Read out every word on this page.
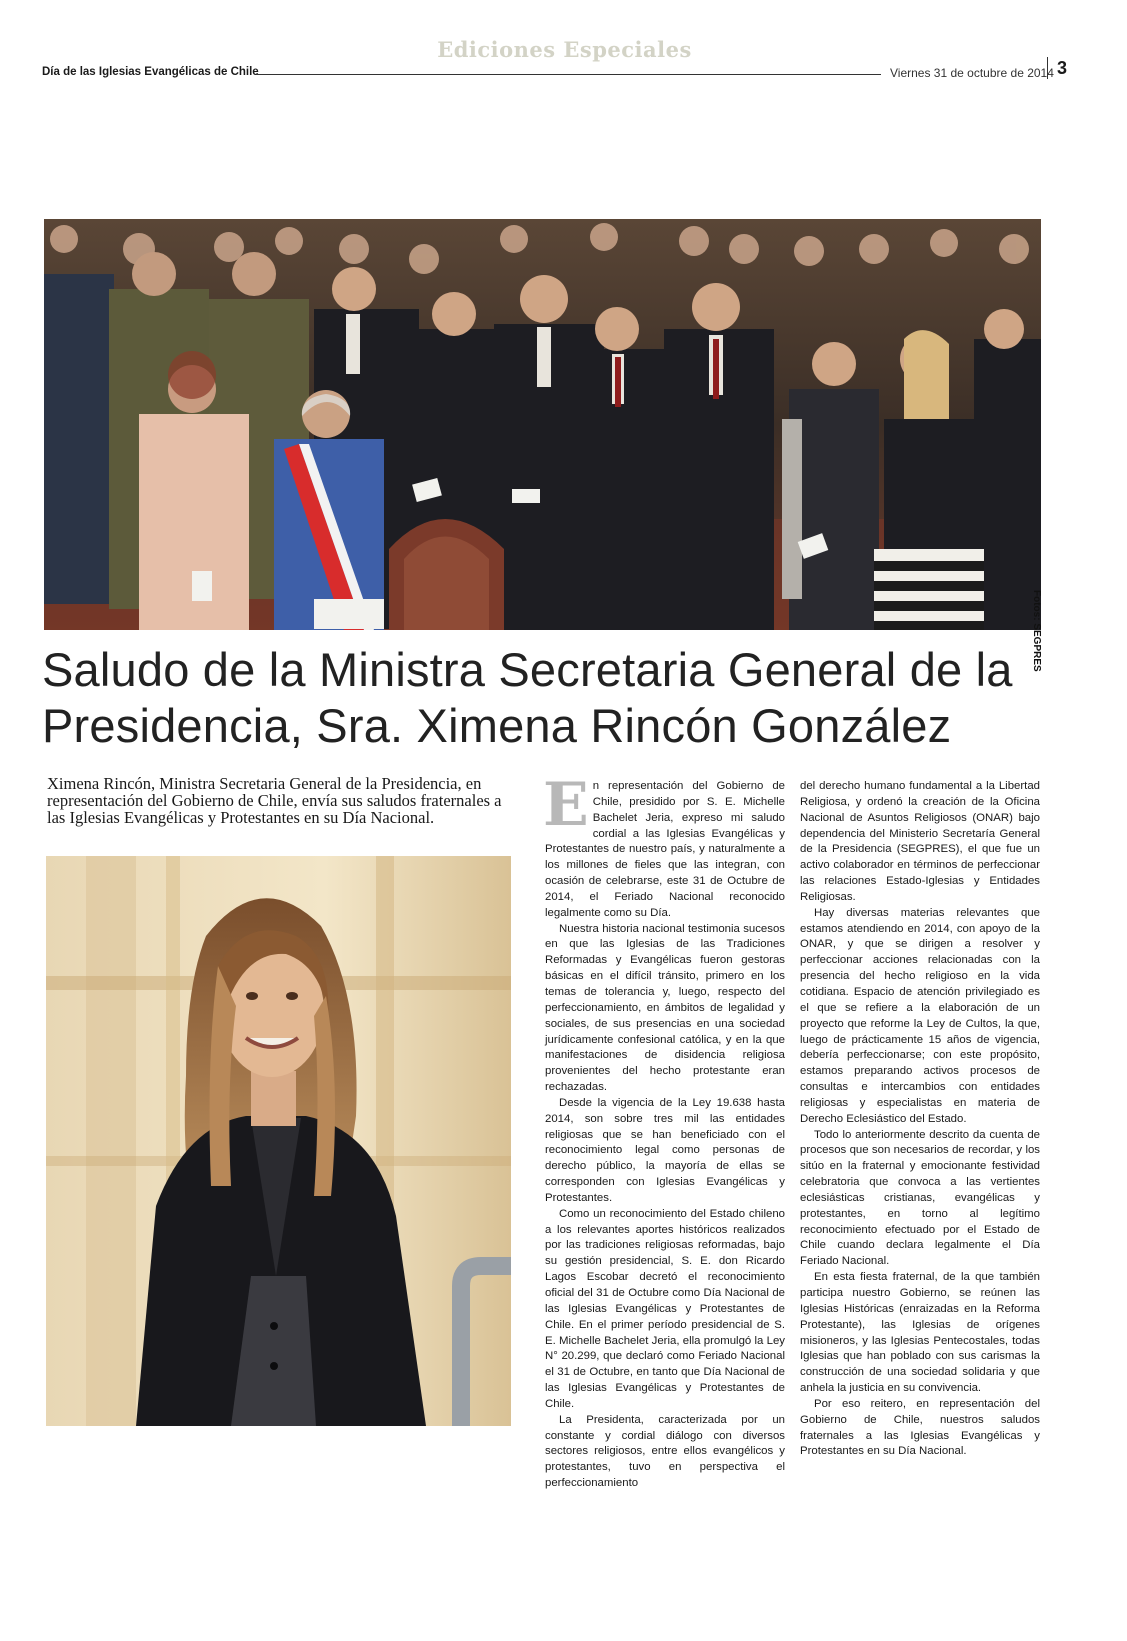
Ediciones Especiales
Día de las Iglesias Evangélicas de Chile	Viernes 31 de octubre de 2014 3
Asistentes de pie durante ceremonia oficial
Fotos: SEGPRES
Saludo de la Ministra Secretaria General de la Presidencia, Sra. Ximena Rincón González

Ximena Rincón, Ministra Secretaria General de la Presidencia, en representación del Gobierno de Chile, envía sus saludos fraternales a las Iglesias Evangélicas y Protestantes en su Día Nacional.

Retrato de Ximena Rincón

En representación del Gobierno de Chile, presidido por S. E. Michelle Bachelet Jeria, expreso mi saludo cordial a las Iglesias Evangélicas y Protestantes de nuestro país, y naturalmente a los millones de fieles que las integran, con ocasión de celebrarse, este 31 de Octubre de 2014, el Feriado Nacional reconocido legalmente como su Día.

Nuestra historia nacional testimonia sucesos en que las Iglesias de las Tradiciones Reformadas y Evangélicas fueron gestoras básicas en el difícil tránsito, primero en los temas de tolerancia y, luego, respecto del perfeccionamiento, en ámbitos de legalidad y sociales, de sus presencias en una sociedad jurídicamente confesional católica, y en la que manifestaciones de disidencia religiosa provenientes del hecho protestante eran rechazadas.

Desde la vigencia de la Ley 19.638 hasta 2014, son sobre tres mil las entidades religiosas que se han beneficiado con el reconocimiento legal como personas de derecho público, la mayoría de ellas se corresponden con Iglesias Evangélicas y Protestantes.

Como un reconocimiento del Estado chileno a los relevantes aportes históricos realizados por las tradiciones religiosas reformadas, bajo su gestión presidencial, S. E. don Ricardo Lagos Escobar decretó el reconocimiento oficial del 31 de Octubre como Día Nacional de las Iglesias Evangélicas y Protestantes de Chile. En el primer período presidencial de S. E. Michelle Bachelet Jeria, ella promulgó la Ley N° 20.299, que declaró como Feriado Nacional el 31 de Octubre, en tanto que Día Nacional de las Iglesias Evangélicas y Protestantes de Chile.

La Presidenta, caracterizada por un constante y cordial diálogo con diversos sectores religiosos, entre ellos evangélicos y protestantes, tuvo en perspectiva el perfeccionamiento

del derecho humano fundamental a la Libertad Religiosa, y ordenó la creación de la Oficina Nacional de Asuntos Religiosos (ONAR) bajo dependencia del Ministerio Secretaría General de la Presidencia (SEGPRES), el que fue un activo colaborador en términos de perfeccionar las relaciones Estado-Iglesias y Entidades Religiosas.

Hay diversas materias relevantes que estamos atendiendo en 2014, con apoyo de la ONAR, y que se dirigen a resolver y perfeccionar acciones relacionadas con la presencia del hecho religioso en la vida cotidiana. Espacio de atención privilegiado es el que se refiere a la elaboración de un proyecto que reforme la Ley de Cultos, la que, luego de prácticamente 15 años de vigencia, debería perfeccionarse; con este propósito, estamos preparando activos procesos de consultas e intercambios con entidades religiosas y especialistas en materia de Derecho Eclesiástico del Estado.

Todo lo anteriormente descrito da cuenta de procesos que son necesarios de recordar, y los sitúo en la fraternal y emocionante festividad celebratoria que convoca a las vertientes eclesiásticas cristianas, evangélicas y protestantes, en torno al legítimo reconocimiento efectuado por el Estado de Chile cuando declara legalmente el Día Feriado Nacional.

En esta fiesta fraternal, de la que también participa nuestro Gobierno, se reúnen las Iglesias Históricas (enraizadas en la Reforma Protestante), las Iglesias de orígenes misioneros, y las Iglesias Pentecostales, todas Iglesias que han poblado con sus carismas la construcción de una sociedad solidaria y que anhela la justicia en su convivencia.

Por eso reitero, en representación del Gobierno de Chile, nuestros saludos fraternales a las Iglesias Evangélicas y Protestantes en su Día Nacional.
